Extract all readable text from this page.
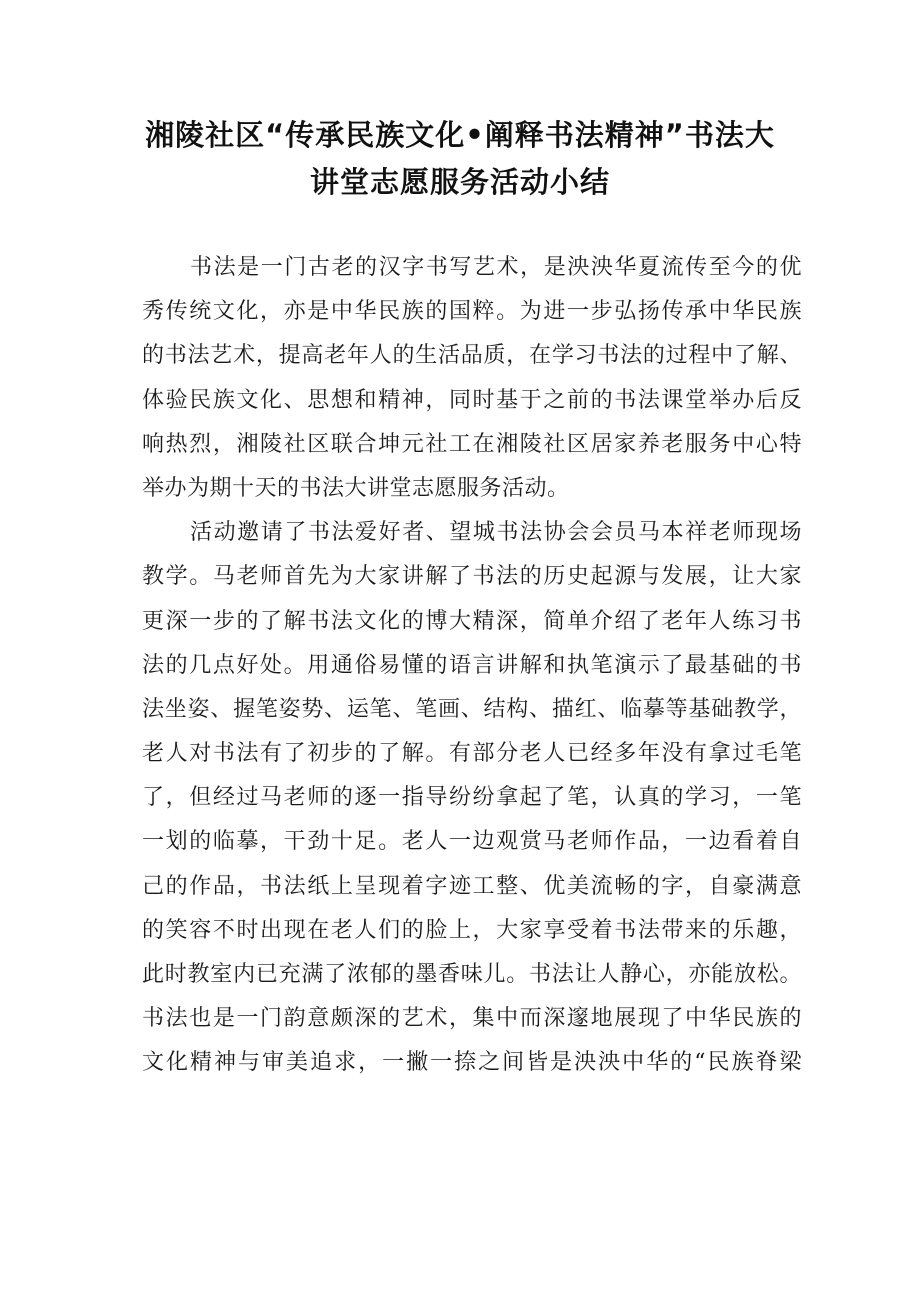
湘陵社区“传承民族文化•阐释书法精神”书法大
讲堂志愿服务活动小结
书法是一门古老的汉字书写艺术，是泱泱华夏流传至今的优
秀传统文化，亦是中华民族的国粹。为进一步弘扬传承中华民族
的书法艺术，提高老年人的生活品质，在学习书法的过程中了解、
体验民族文化、思想和精神，同时基于之前的书法课堂举办后反
响热烈，湘陵社区联合坤元社工在湘陵社区居家养老服务中心特
举办为期十天的书法大讲堂志愿服务活动。
活动邀请了书法爱好者、望城书法协会会员马本祥老师现场
教学。马老师首先为大家讲解了书法的历史起源与发展，让大家
更深一步的了解书法文化的博大精深，简单介绍了老年人练习书
法的几点好处。用通俗易懂的语言讲解和执笔演示了最基础的书
法坐姿、握笔姿势、运笔、笔画、结构、描红、临摹等基础教学，
老人对书法有了初步的了解。有部分老人已经多年没有拿过毛笔
了，但经过马老师的逐一指导纷纷拿起了笔，认真的学习，一笔
一划的临摹，干劲十足。老人一边观赏马老师作品，一边看着自
己的作品，书法纸上呈现着字迹工整、优美流畅的字，自豪满意
的笑容不时出现在老人们的脸上，大家享受着书法带来的乐趣，
此时教室内已充满了浓郁的墨香味儿。书法让人静心，亦能放松。
书法也是一门韵意颇深的艺术，集中而深邃地展现了中华民族的
文化精神与审美追求，一撇一捺之间皆是泱泱中华的“民族脊梁
